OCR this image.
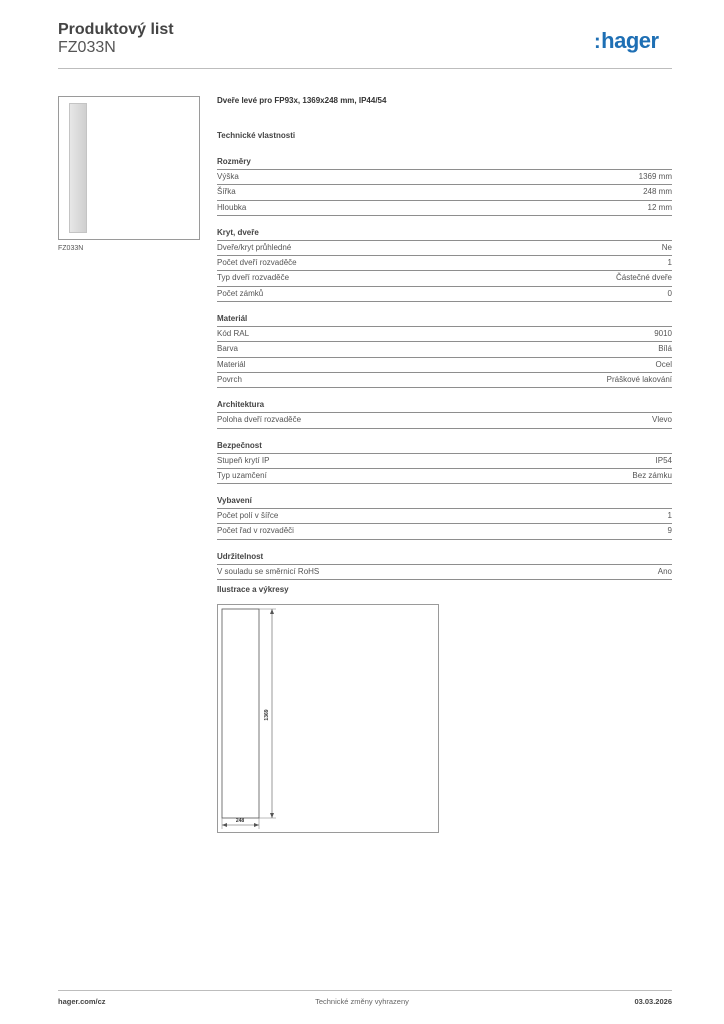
Produktový list
FZ033N	:hager
FZ033N
Dveře levé pro FP93x, 1369x248 mm, IP44/54
Technické vlastnosti
Rozměry
Výška	1369 mm
Šířka	248 mm
Hloubka	12 mm
Kryt, dveře
Dveře/kryt průhledné	Ne
Počet dveří rozvaděče	1
Typ dveří rozvaděče	Částečné dveře
Počet zámků	0
Materiál
Kód RAL	9010
Barva	Bílá
Materiál	Ocel
Povrch	Práškové lakování
Architektura
Poloha dveří rozvaděče	Vlevo
Bezpečnost
Stupeň krytí IP	IP54
Typ uzamčení	Bez zámku
Vybavení
Počet polí v šířce	1
Počet řad v rozvaděči	9
Udržitelnost
V souladu se směrnicí RoHS	Ano
Ilustrace a výkresy
1369
248
hager.com/cz	Technické změny vyhrazeny	03.03.2026
